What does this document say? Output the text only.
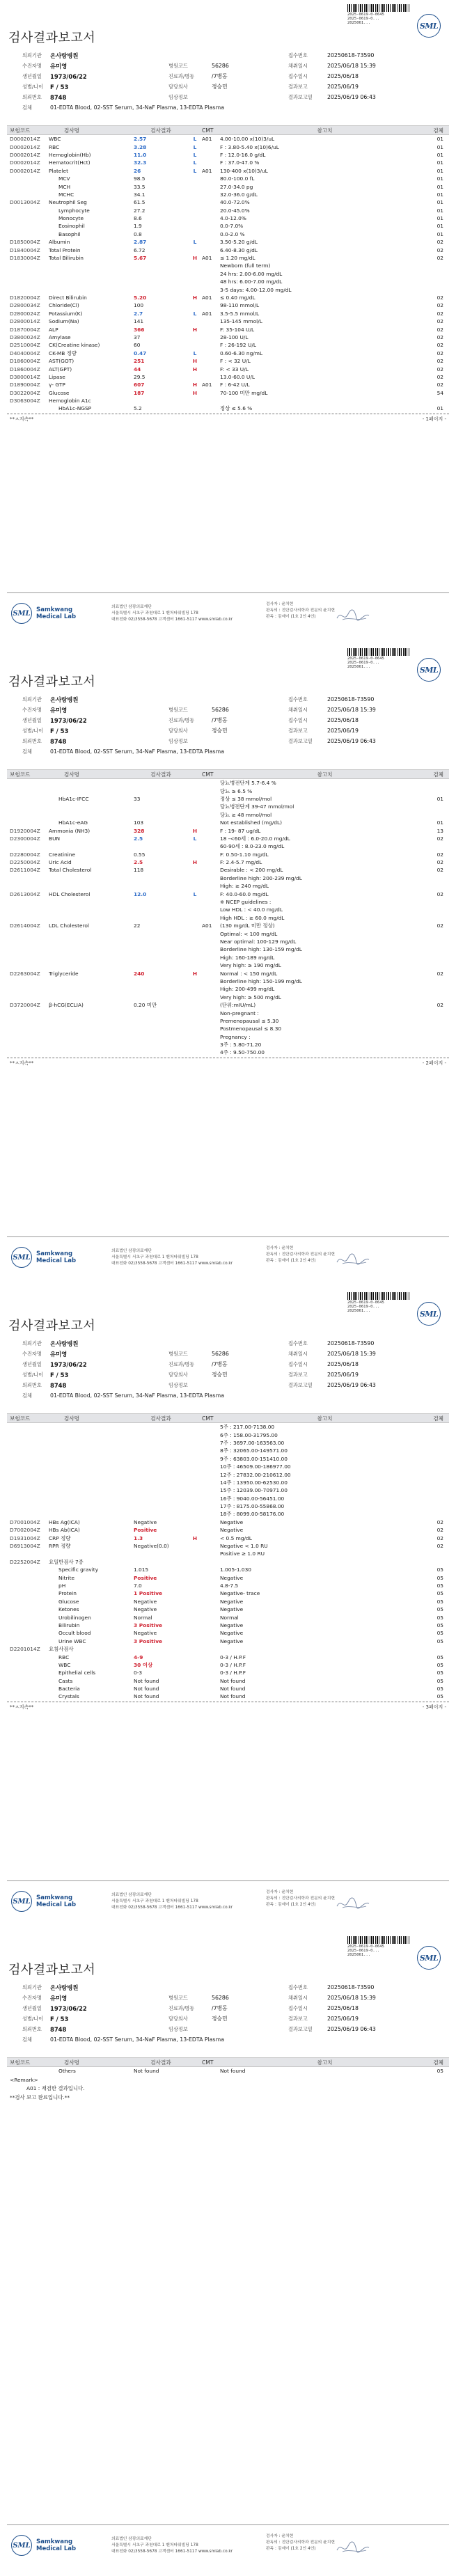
2025-0619-0-0645
2025-0619-0...
2025061...	SML
검사결과보고서
의뢰기관	온사랑병원	접수번호	20250618-73590
수진자명	유미영	병원코드	56286	채취일시	2025/06/18 15:39
생년월일	1973/06/22	진료과/병동	/7병동	접수일시	2025/06/18
성별/나이	F / 53	담당의사	정승민	결과보고	2025/06/19
의뢰번호	8748	임상정보	결과보고일	2025/06/19 06:43
검체	01-EDTA Blood, 02-SST Serum, 34-NaF Plasma, 13-EDTA Plasma
보험코드	검사명	검사결과	CMT	참고치	검체
D0002014Z	WBC	2.57	L	A01	4.00-10.00 x(10)3/uL	01
D0002014Z	RBC	3.28	L	F : 3.80-5.40 x(10)6/uL	01
D0002014Z	Hemoglobin(Hb)	11.0	L	F : 12.0-16.0 g/dL	01
D0002014Z	Hematocrit(Hct)	32.3	L	F : 37.0-47.0 %	01
D0002014Z	Platelet	26	L	A01	130-400 x(10)3/uL	01
MCV	98.5	80.0-100.0 fL	01
MCH	33.5	27.0-34.0 pg	01
MCHC	34.1	32.0-36.0 g/dL	01
D0013004Z	Neutrophil Seg	61.5	40.0-72.0%	01
Lymphocyte	27.2	20.0-45.0%	01
Monocyte	8.6	4.0-12.0%	01
Eosinophil	1.9	0.0-7.0%	01
Basophil	0.8	0.0-2.0 %	01
D1850004Z	Albumin	2.87	L	3.50-5.20 g/dL	02
D1840004Z	Total Protein	6.72	6.40-8.30 g/dL	02
D1830004Z	Total Bilirubin	5.67	H A01	≤ 1.20 mg/dL	02
Newborn (full term)
24 hrs: 2.00-6.00 mg/dL
48 hrs: 6.00-7.00 mg/dL
3-5 days: 4.00-12.00 mg/dL
D1820004Z	Direct Bilirubin	5.20	H A01	≤ 0.40 mg/dL	02
D2800034Z	Chloride(Cl)	100	98-110 mmol/L	02
D2800024Z	Potassium(K)	2.7	L	A01	3.5-5.5 mmol/L	02
D2800014Z	Sodium(Na)	141	135-145 mmol/L	02
D1870004Z	ALP	366	H	F: 35-104 U/L	02
D3800024Z	Amylase	37	28-100 U/L	02
D2510004Z	CK(Creatine kinase)	60	F : 26-192 U/L	02
D4040004Z	CK-MB 정량	0.47	L	0.60-6.30 ng/mL	02
D1860004Z	AST(GOT)	251	H	F : < 32 U/L	02
D1860004Z	ALT(GPT)	44	H	F: < 33 U/L	02
D3800014Z	Lipase	29.5	13.0-60.0 U/L	02
D1890004Z	γ- GTP	607	H A01	F : 6-42 U/L	02
D3022004Z	Glucose	187	H	70-100 미만 mg/dL	54
D3063004Z	Hemoglobin A1c
HbA1c-NGSP	5.2	정상 ≤ 5.6 %	01
**ㅈ지속**	- 1페이지 -
SML Samkwang
Medical Lab
의료법인 삼광의료재단
서울특별시 서초구 과천대로 1 벤처타워빌딩 178
대표전화 02)3558-5678 고객센터 1661-5117 www.smlab.co.kr
검사자 : 윤치현
판독의 : 진단검사의학과 전문의 윤치현
판독 : 김예이 (1호 2인 4인)
2025-0619-0-0645
2025-0619-0...
2025061...	SML
검사결과보고서
의뢰기관	온사랑병원	접수번호	20250618-73590
수진자명	유미영	병원코드	56286	채취일시	2025/06/18 15:39
생년월일	1973/06/22	진료과/병동	/7병동	접수일시	2025/06/18
성별/나이	F / 53	담당의사	정승민	결과보고	2025/06/19
의뢰번호	8748	임상정보	결과보고일	2025/06/19 06:43
검체	01-EDTA Blood, 02-SST Serum, 34-NaF Plasma, 13-EDTA Plasma
보험코드	검사명	검사결과	CMT	참고치	검체
당뇨병전단계 5.7-6.4 %
당뇨 ≥ 6.5 %
HbA1c-IFCC	33	정상 ≤ 38 mmol/mol	01
당뇨병전단계 39-47 mmol/mol
당뇨 ≥ 48 mmol/mol
HbA1c-eAG	103	Not established (mg/dL)	01
D1920004Z	Ammonia (NH3)	328	H	F : 19- 87 ug/dL	13
D2300004Z	BUN	2.5	L	18 -<60세 : 6.0-20.0 mg/dL	02
60-90세 : 8.0-23.0 mg/dL
D2280004Z	Creatinine	0.55	F: 0.50-1.10 mg/dL	02
D2250004Z	Uric Acid	2.5	H	F: 2.4-5.7 mg/dL	02
D2611004Z	Total Cholesterol	118	Desirable : < 200 mg/dL	02
Borderline high: 200-239 mg/dL
High: ≥ 240 mg/dL
D2613004Z	HDL Cholesterol	12.0	L	F: 40.0-60.0 mg/dL	02
※ NCEP guidelines :
Low HDL : < 40.0 mg/dL
High HDL : ≥ 60.0 mg/dL
D2614004Z	LDL Cholesterol	22	A01	(130 mg/dL 미만 정상)	02
Optimal: < 100 mg/dL
Near optimal: 100-129 mg/dL
Borderline high: 130-159 mg/dL
High: 160-189 mg/dL
Very high: ≥ 190 mg/dL
D2263004Z	Triglyceride	240	H	Normal : < 150 mg/dL	02
Borderline high: 150-199 mg/dL
High: 200-499 mg/dL
Very high: ≥ 500 mg/dL
D3720004Z	β-hCG(ECLIA)	0.20 미만	(단위:mIU/mL)	02
Non-pregnant :
Premenopausal ≤ 5.30
Postmenopausal ≤ 8.30
Pregnancy :
3주 : 5.80-71.20
4주 : 9.50-750.00
**ㅈ지속**	- 2페이지 -
SML Samkwang
Medical Lab
의료법인 삼광의료재단
서울특별시 서초구 과천대로 1 벤처타워빌딩 178
대표전화 02)3558-5678 고객센터 1661-5117 www.smlab.co.kr
검사자 : 윤치현
판독의 : 진단검사의학과 전문의 윤치현
판독 : 김예이 (1호 2인 4인)
2025-0619-0-0645
2025-0619-0...
2025061...	SML
검사결과보고서
의뢰기관	온사랑병원	접수번호	20250618-73590
수진자명	유미영	병원코드	56286	채취일시	2025/06/18 15:39
생년월일	1973/06/22	진료과/병동	/7병동	접수일시	2025/06/18
성별/나이	F / 53	담당의사	정승민	결과보고	2025/06/19
의뢰번호	8748	임상정보	결과보고일	2025/06/19 06:43
검체	01-EDTA Blood, 02-SST Serum, 34-NaF Plasma, 13-EDTA Plasma
보험코드	검사명	검사결과	CMT	참고치	검체
5주 : 217.00-7138.00
6주 : 158.00-31795.00
7주 : 3697.00-163563.00
8주 : 32065.00-149571.00
9주 : 63803.00-151410.00
10주 : 46509.00-186977.00
12주 : 27832.00-210612.00
14주 : 13950.00-62530.00
15주 : 12039.00-70971.00
16주 : 9040.00-56451.00
17주 : 8175.00-55868.00
18주 : 8099.00-58176.00
D7001004Z	HBs Ag(ICA)	Negative	Negative	02
D7002004Z	HBs Ab(ICA)	Positive	Negative	02
D1931004Z	CRP 정량	1.3	H	< 0.5 mg/dL	02
D6913004Z	RPR 정량	Negative(0.0)	Negative < 1.0 RU	02
Positive ≥ 1.0 RU
D2252004Z	요일반검사 7종
Specific gravity	1.015	1.005-1.030	05
Nitrite	Positive	Negative	05
pH	7.0	4.8-7.5	05
Protein	1 Positive	Negative- trace	05
Glucose	Negative	Negative	05
Ketones	Negative	Negative	05
Urobilinogen	Normal	Normal	05
Bilirubin	3 Positive	Negative	05
Occult blood	Negative	Negative	05
Urine WBC	3 Positive	Negative	05
D2201014Z	요침사검사
RBC	4-9	0-3 / H.P.F	05
WBC	30 이상	0-3 / H.P.F	05
Epithelial cells	0-3	0-3 / H.P.F	05
Casts	Not found	Not found	05
Bacteria	Not found	Not found	05
Crystals	Not found	Not found	05
**ㅈ지속**	- 3페이지 -
SML Samkwang
Medical Lab
의료법인 삼광의료재단
서울특별시 서초구 과천대로 1 벤처타워빌딩 178
대표전화 02)3558-5678 고객센터 1661-5117 www.smlab.co.kr
검사자 : 윤치현
판독의 : 진단검사의학과 전문의 윤치현
판독 : 김예이 (1호 2인 4인)
2025-0619-0-0645
2025-0619-0...
2025061...	SML
검사결과보고서
의뢰기관	온사랑병원	접수번호	20250618-73590
수진자명	유미영	병원코드	56286	채취일시	2025/06/18 15:39
생년월일	1973/06/22	진료과/병동	/7병동	접수일시	2025/06/18
성별/나이	F / 53	담당의사	정승민	결과보고	2025/06/19
의뢰번호	8748	임상정보	결과보고일	2025/06/19 06:43
검체	01-EDTA Blood, 02-SST Serum, 34-NaF Plasma, 13-EDTA Plasma
보험코드	검사명	검사결과	CMT	참고치	검체
Others	Not found	Not found	05
<Remark>
A01 : 재검한 결과입니다.
**검사 보고 완료입니다.**
SML Samkwang
Medical Lab
의료법인 삼광의료재단
서울특별시 서초구 과천대로 1 벤처타워빌딩 178
대표전화 02)3558-5678 고객센터 1661-5117 www.smlab.co.kr
검사자 : 윤치현
판독의 : 진단검사의학과 전문의 윤치현
판독 : 김예이 (1호 2인 4인)
